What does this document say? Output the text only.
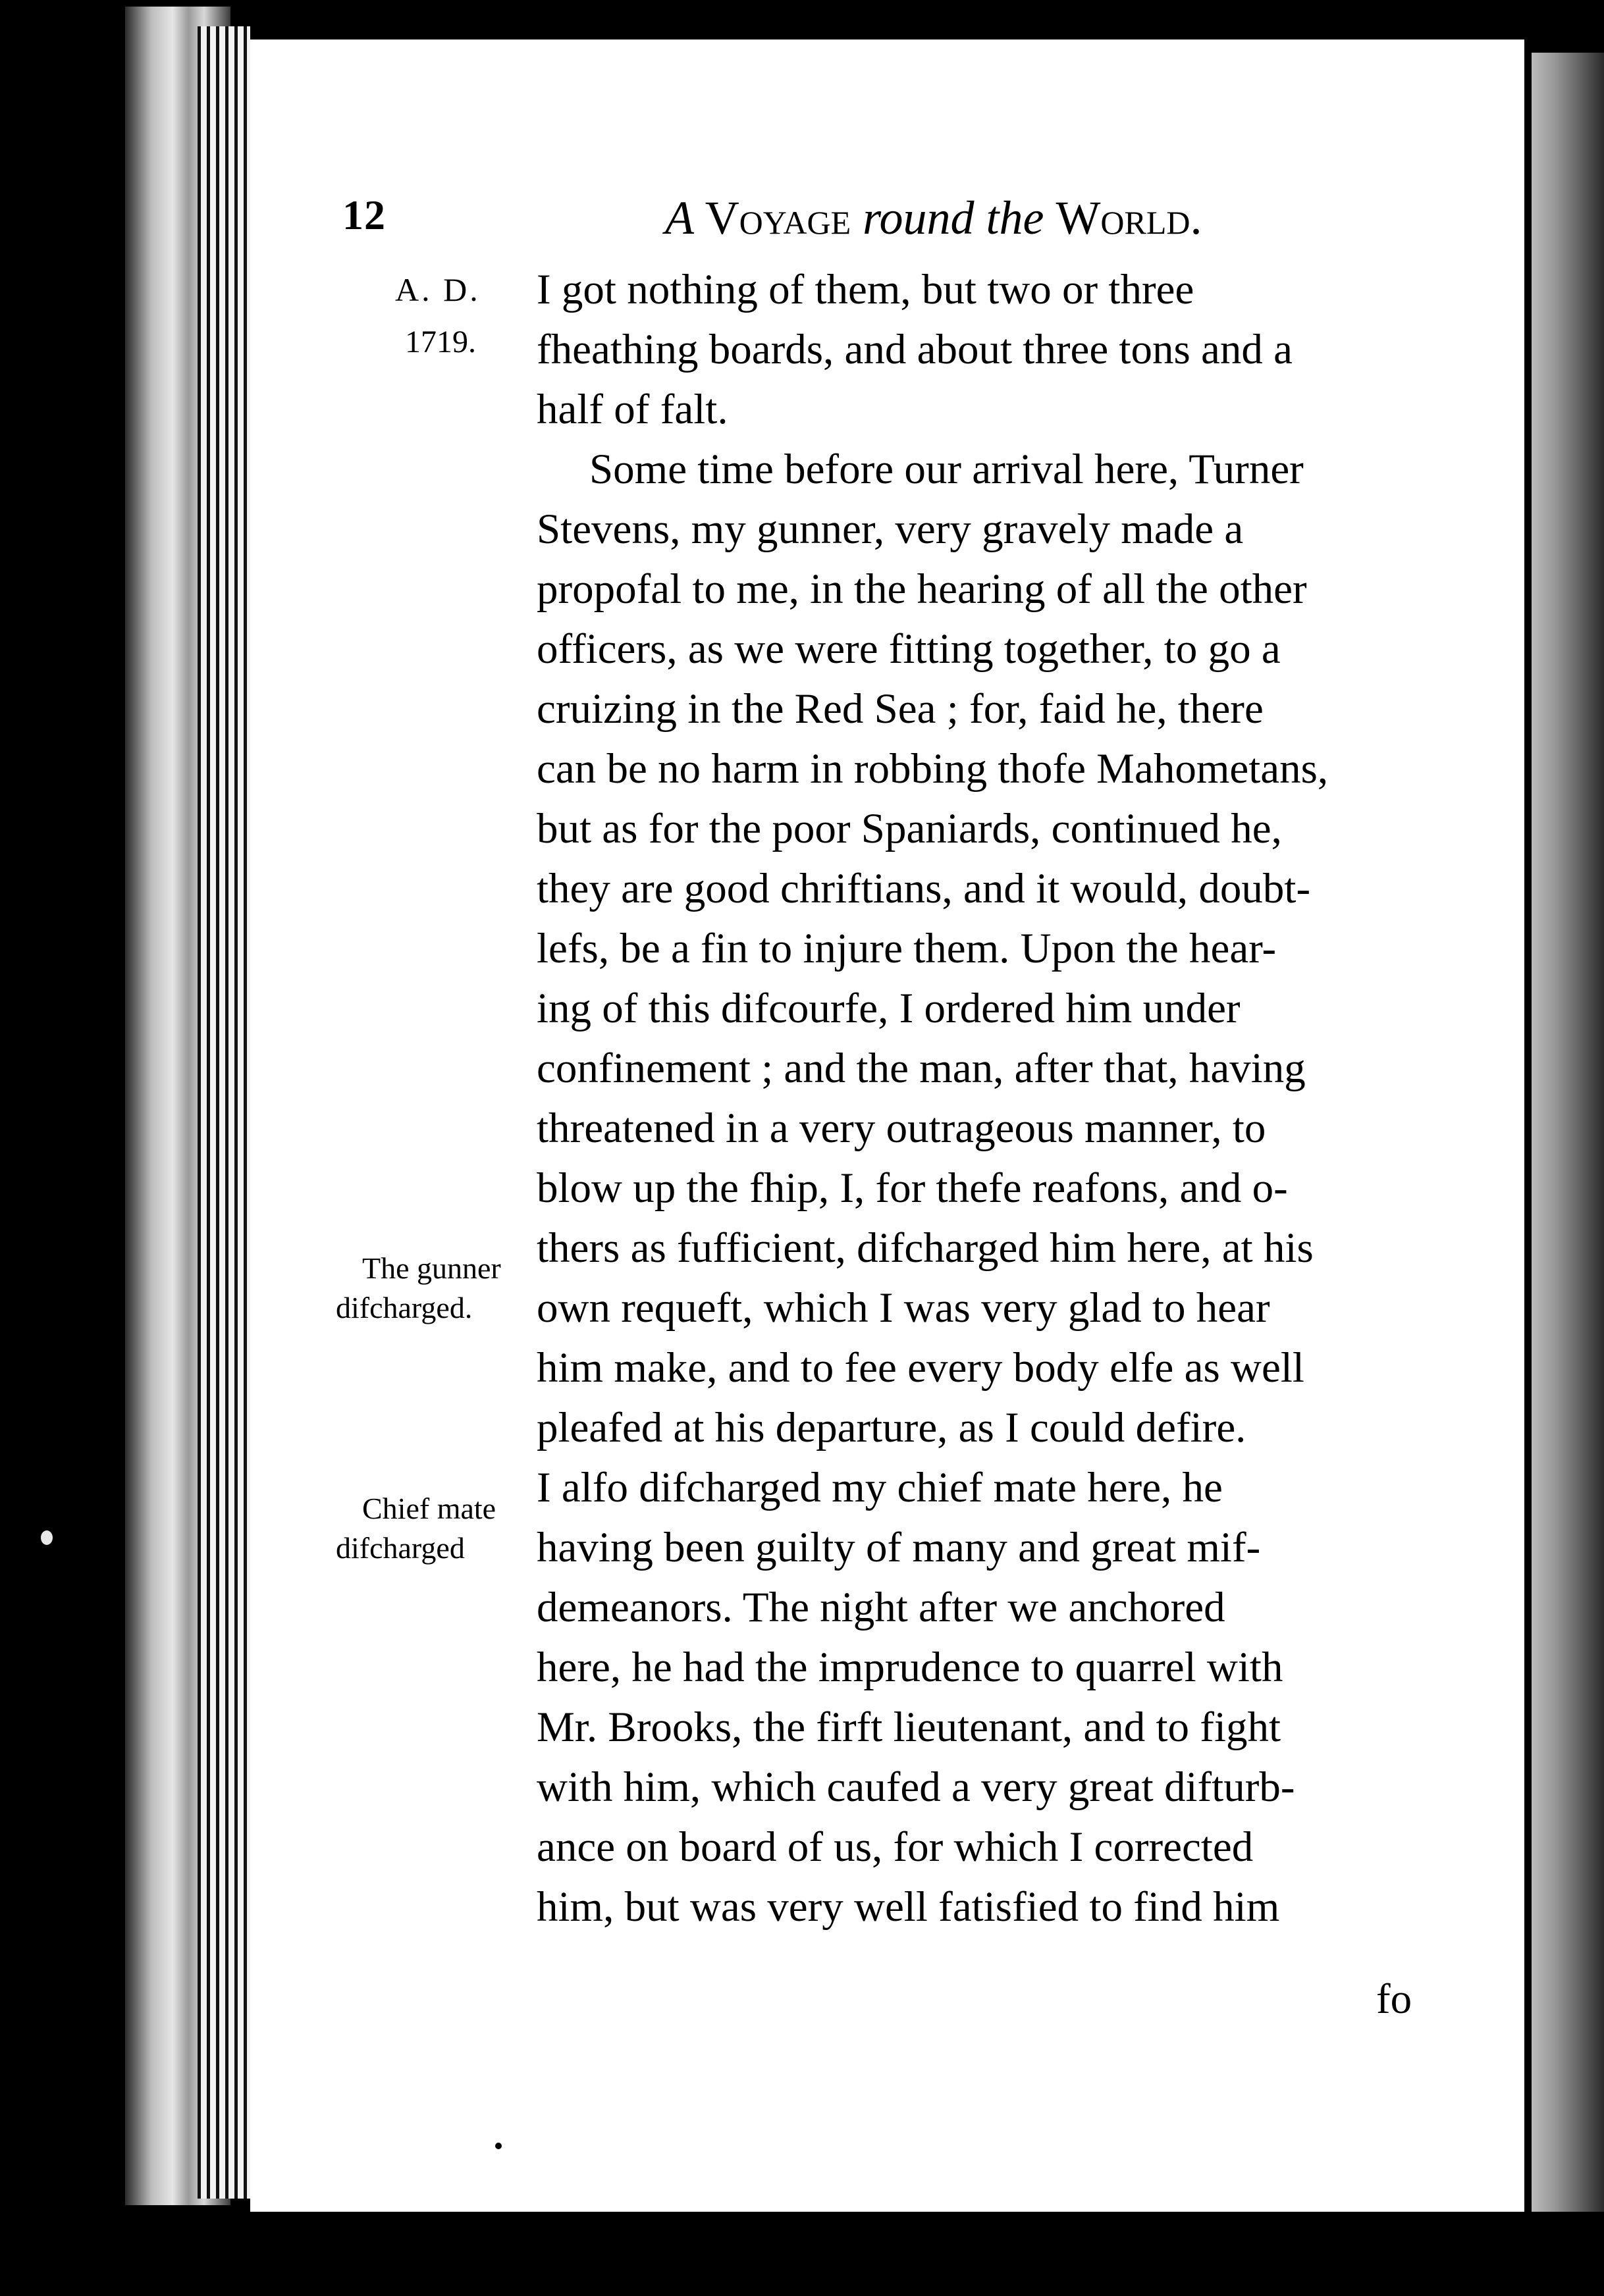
12	A Voyage round the World.
A. D.
1719.
The gunner
difcharged.
Chief mate
difcharged
I got nothing of them, but two or three
fheathing boards, and about three tons and a
half of falt.
Some time before our arrival here, Turner
Stevens, my gunner, very gravely made a
propofal to me, in the hearing of all the other
officers, as we were fitting together, to go a
cruizing in the Red Sea ; for, faid he, there
can be no harm in robbing thofe Mahometans,
but as for the poor Spaniards, continued he,
they are good chriftians, and it would, doubt-
lefs, be a fin to injure them. Upon the hear-
ing of this difcourfe, I ordered him under
confinement ; and the man, after that, having
threatened in a very outrageous manner, to
blow up the fhip, I, for thefe reafons, and o-
thers as fufficient, difcharged him here, at his
own requeft, which I was very glad to hear
him make, and to fee every body elfe as well
pleafed at his departure, as I could defire.
I alfo difcharged my chief mate here, he
having been guilty of many and great mif-
demeanors. The night after we anchored
here, he had the imprudence to quarrel with
Mr. Brooks, the firft lieutenant, and to fight
with him, which caufed a very great difturb-
ance on board of us, for which I corrected
him, but was very well fatisfied to find him
fo
